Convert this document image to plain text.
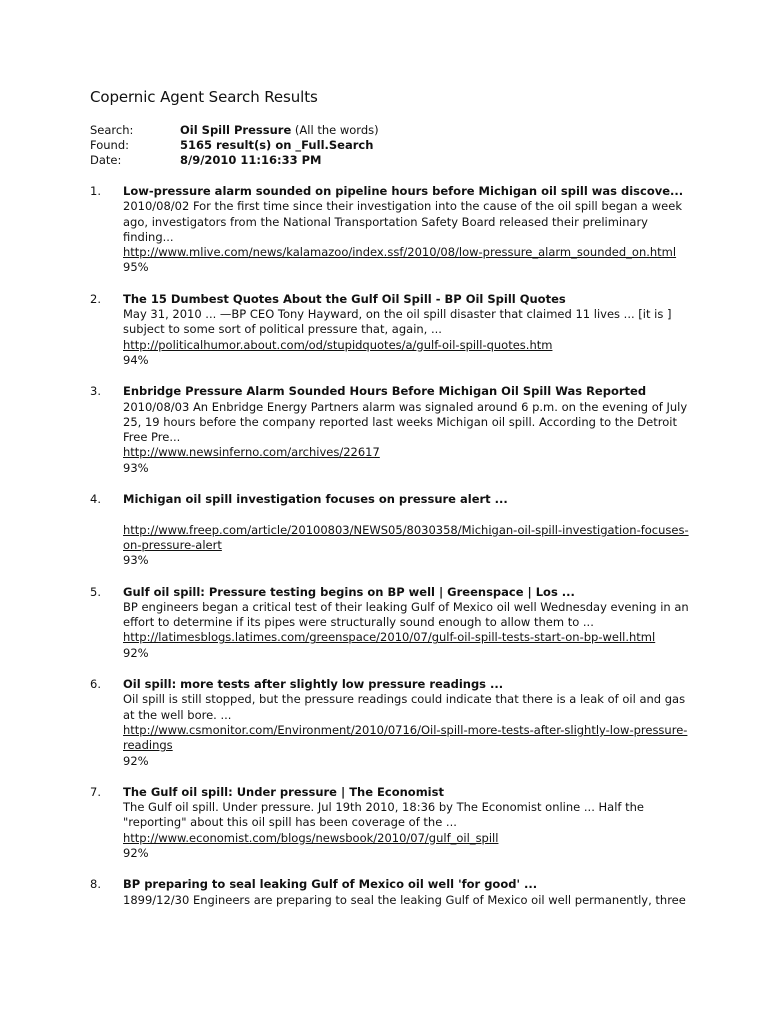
Copernic Agent Search Results
Search:	Oil Spill Pressure (All the words)
Found:	5165 result(s) on _Full.Search
Date:	8/9/2010 11:16:33 PM
1.	Low-pressure alarm sounded on pipeline hours before Michigan oil spill was discove...

2010/08/02 For the first time since their investigation into the cause of the oil spill began a week ago, investigators from the National Transportation Safety Board released their preliminary finding...

http://www.mlive.com/news/kalamazoo/index.ssf/2010/08/low-pressure_alarm_sounded_on.html
95%
2.	The 15 Dumbest Quotes About the Gulf Oil Spill - BP Oil Spill Quotes

May 31, 2010 ... —BP CEO Tony Hayward, on the oil spill disaster that claimed 11 lives ... [it is ] subject to some sort of political pressure that, again, ...

http://politicalhumor.about.com/od/stupidquotes/a/gulf-oil-spill-quotes.htm
94%
3.	Enbridge Pressure Alarm Sounded Hours Before Michigan Oil Spill Was Reported

2010/08/03 An Enbridge Energy Partners alarm was signaled around 6 p.m. on the evening of July 25, 19 hours before the company reported last weeks Michigan oil spill. According to the Detroit Free Pre...

http://www.newsinferno.com/archives/22617
93%
4.	Michigan oil spill investigation focuses on pressure alert ...

http://www.freep.com/article/20100803/NEWS05/8030358/Michigan-oil-spill-investigation-focuses-on-pressure-alert
93%
5.	Gulf oil spill: Pressure testing begins on BP well | Greenspace | Los ...

BP engineers began a critical test of their leaking Gulf of Mexico oil well Wednesday evening in an effort to determine if its pipes were structurally sound enough to allow them to ...

http://latimesblogs.latimes.com/greenspace/2010/07/gulf-oil-spill-tests-start-on-bp-well.html
92%
6.	Oil spill: more tests after slightly low pressure readings ...

Oil spill is still stopped, but the pressure readings could indicate that there is a leak of oil and gas at the well bore. ...

http://www.csmonitor.com/Environment/2010/0716/Oil-spill-more-tests-after-slightly-low-pressure-readings
92%
7.	The Gulf oil spill: Under pressure | The Economist

The Gulf oil spill. Under pressure. Jul 19th 2010, 18:36 by The Economist online ... Half the "reporting" about this oil spill has been coverage of the ...

http://www.economist.com/blogs/newsbook/2010/07/gulf_oil_spill
92%
8.	BP preparing to seal leaking Gulf of Mexico oil well 'for good' ...

1899/12/30 Engineers are preparing to seal the leaking Gulf of Mexico oil well permanently, three
